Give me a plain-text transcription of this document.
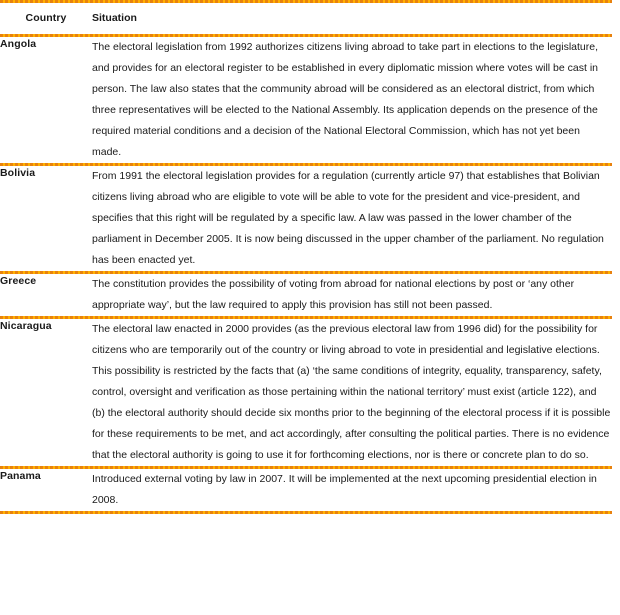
Country	Situation

Angola	The electoral legislation from 1992 authorizes citizens living abroad to take part in elections to the legislature, and provides for an electoral register to be established in every diplomatic mission where votes will be cast in person. The law also states that the community abroad will be considered as an electoral district, from which three representatives will be elected to the National Assembly. Its application depends on the presence of the required material conditions and a decision of the National Electoral Commission, which has not yet been made.

Bolivia	From 1991 the electoral legislation provides for a regulation (currently article 97) that establishes that Bolivian citizens living abroad who are eligible to vote will be able to vote for the president and vice-president, and specifies that this right will be regulated by a specific law. A law was passed in the lower chamber of the parliament in December 2005. It is now being discussed in the upper chamber of the parliament. No regulation has been enacted yet.

Greece	The constitution provides the possibility of voting from abroad for national elections by post or ‘any other appropriate way’, but the law required to apply this provision has still not been passed.

Nicaragua	The electoral law enacted in 2000 provides (as the previous electoral law from 1996 did) for the possibility for citizens who are temporarily out of the country or living abroad to vote in presidential and legislative elections. This possibility is restricted by the facts that (a) ‘the same conditions of integrity, equality, transparency, safety, control, oversight and verification as those pertaining within the national territory’ must exist (article 122), and (b) the electoral authority should decide six months prior to the beginning of the electoral process if it is possible for these requirements to be met, and act accordingly, after consulting the political parties. There is no evidence that the electoral authority is going to use it for forthcoming elections, nor is there or concrete plan to do so.

Panama	Introduced external voting by law in 2007. It will be implemented at the next upcoming presidential election in 2008.
